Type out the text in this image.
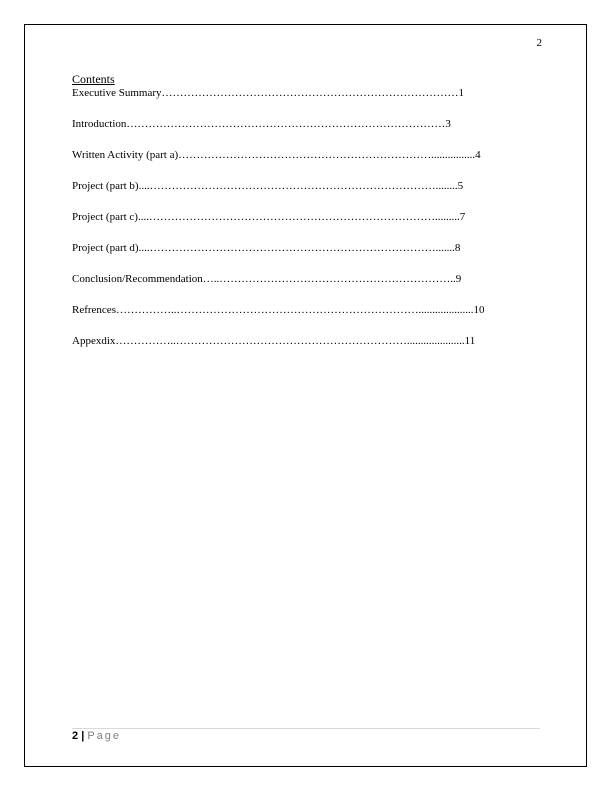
2
Contents
Executive Summary………………………………………………………………………1
Introduction……………………………………………………………………………3
Written Activity (part a)……………………………………………………………................4
Project (part b)....……………………………………………………………………........5
Project (part c)....…………………………………………………………………….........7
Project (part d)....…………………………………………………………………….......8
Conclusion/Recommendation…..………………………………………………………..9
Refrences……………..…………………………………………………………....................10
Appexdix……………..……………………………………………………….....................11
2 | Page
